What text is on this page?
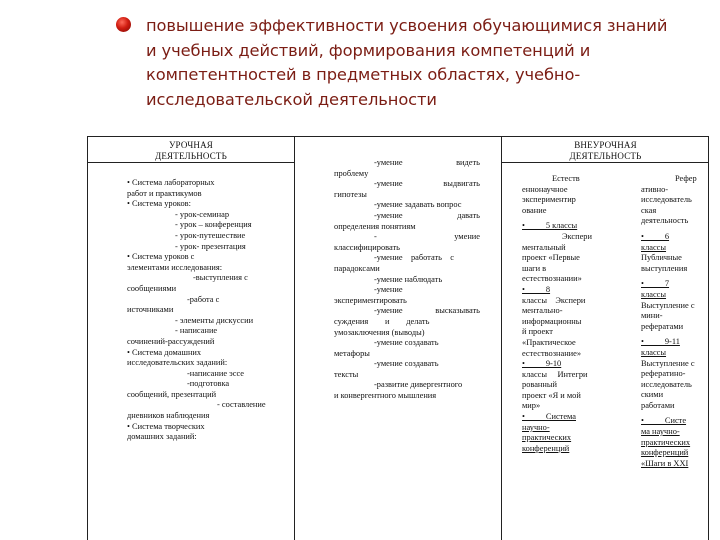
повышение эффективности усвоения обучающимися знаний
и учебных действий, формирования компетенций и
компетентностей в предметных областях, учебно-
исследовательской деятельности
УРОЧНАЯ
ДЕЯТЕЛЬНОСТЬ
ВНЕУРОЧНАЯ
ДЕЯТЕЛЬНОСТЬ
• Система лабораторных
работ и практикумов
• Система уроков:
- урок-семинар
- урок – конференция
- урок-путешествие
- урок- презентация
• Система уроков с
элементами исследования:
-выступления с
сообщениями
-работа с
источниками
- элементы дискуссии
- написание
сочинений-рассуждений
• Система домашних
исследовательских заданий:
-написание эссе
-подготовка
сообщений, презентаций
- составление
дневников наблюдения
• Система творческих
домашних заданий:
-умение	видеть
проблему
-умение	выдвигать
гипотезы
-умение задавать вопрос
-умение	давать
определения понятиям
-	умение
классифицировать
-умение    работать    с
парадоксами
-умение наблюдать
-умение
экспериментировать
-умение	высказывать
суждения        и        делать
умозаключения (выводы)
-умение создавать
метафоры
-умение создавать
тексты
-развитие дивергентного
и конвергентного мышления
Естеств
еннонаучное
экспериментир
ование
•          5 классы
Экспери
ментальный
проект «Первые
шаги в
естествознании»
•          8
классы    Экспери
ментально-
информационны
й проект
«Практическое
естествознание»
•          9-10
классы     Интегри
рованный
проект «Я и мой
мир»
•          Система
научно-
практических
конференций
Рефер
ативно-
исследователь
ская
деятельность
•          6
классы
Публичные
выступления
•          7
классы
Выступление с
мини-
рефератами
•          9-11
классы
Выступление с
рефератино-
исследователь
скими
работами
•          Систе
ма научно-
практических
конференций
«Шаги в ХХI
